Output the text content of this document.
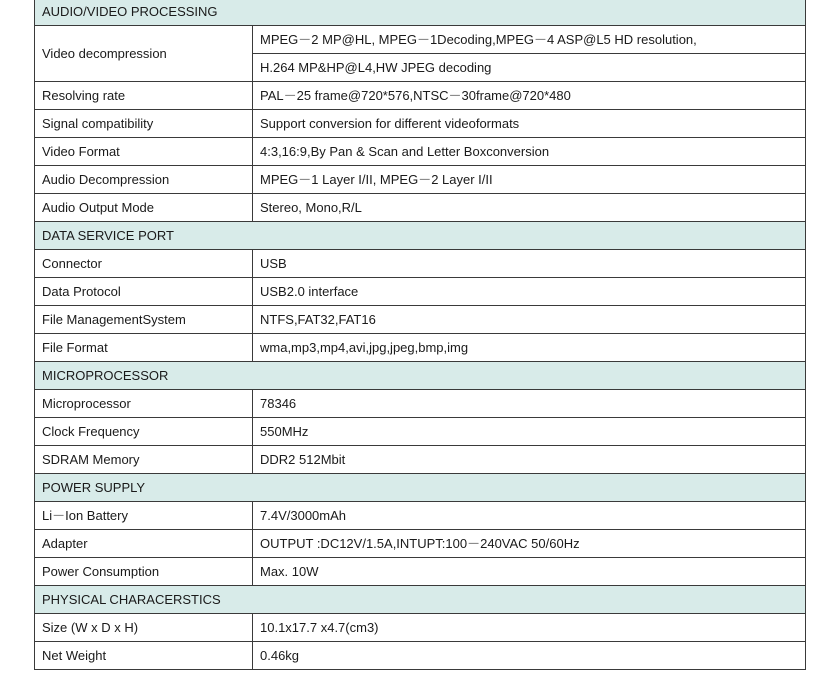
AUDIO/VIDEO PROCESSING	
Video decompression	MPEG－2 MP@HL, MPEG－1Decoding,MPEG－4 ASP@L5 HD resolution,
	H.264 MP&HP@L4,HW JPEG decoding
Resolving rate	PAL－25 frame@720*576,NTSC－30frame@720*480
Signal compatibility	Support conversion for different videoformats
Video Format	4:3,16:9,By Pan & Scan and Letter Boxconversion
Audio Decompression	MPEG－1 Layer I/II, MPEG－2 Layer I/II
Audio Output Mode	Stereo, Mono,R/L
DATA SERVICE PORT	
Connector	USB
Data Protocol	USB2.0 interface
File ManagementSystem	NTFS,FAT32,FAT16
File Format	wma,mp3,mp4,avi,jpg,jpeg,bmp,img
MICROPROCESSOR	
Microprocessor	78346
Clock Frequency	550MHz
SDRAM Memory	DDR2 512Mbit
POWER SUPPLY	
Li－Ion Battery	7.4V/3000mAh
Adapter	OUTPUT :DC12V/1.5A,INTUPT:100－240VAC 50/60Hz
Power Consumption	Max. 10W
PHYSICAL CHARACERSTICS	
Size (W x D x H)	10.1x17.7 x4.7(cm3)
Net Weight	0.46kg
